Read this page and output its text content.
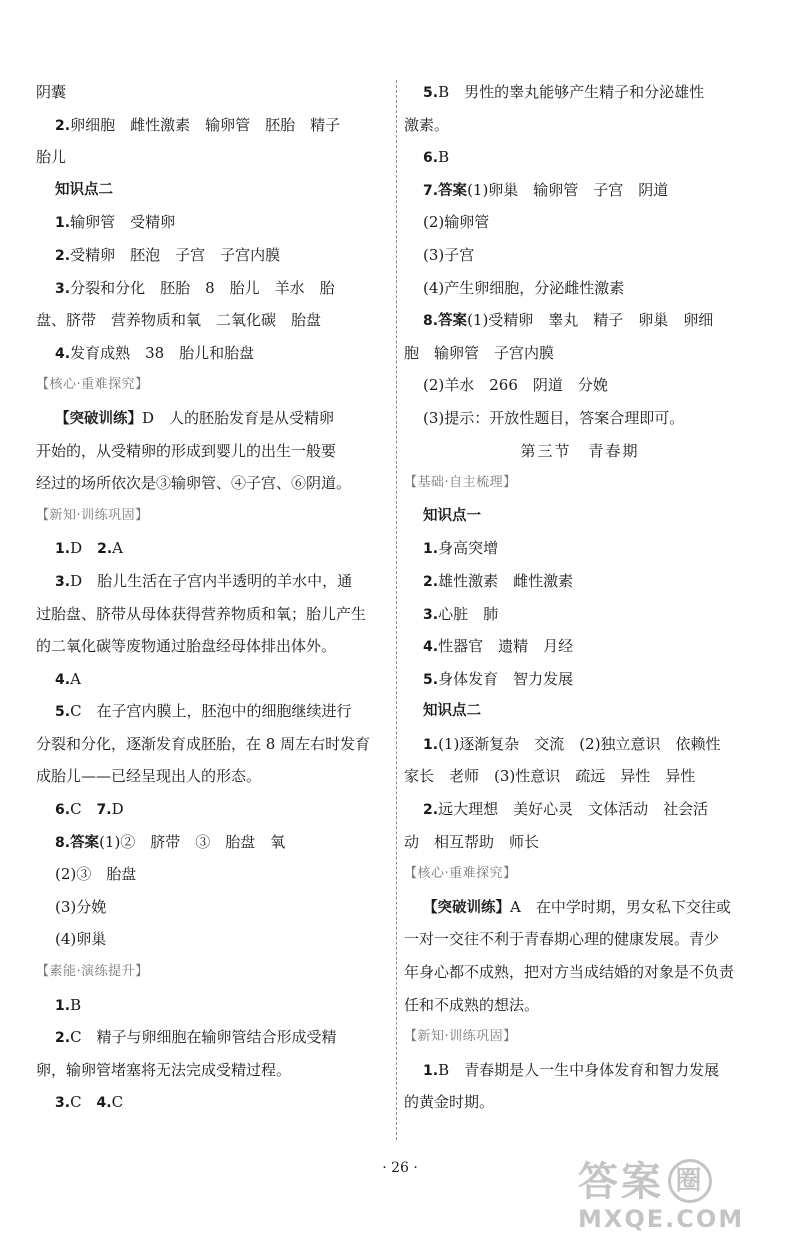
阴囊
2.卵细胞　雌性激素　输卵管　胚胎　精子
胎儿
知识点二
1.输卵管　受精卵
2.受精卵　胚泡　子宫　子宫内膜
3.分裂和分化　胚胎　8　胎儿　羊水　胎
盘、脐带　营养物质和氧　二氧化碳　胎盘
4.发育成熟　38　胎儿和胎盘
【核心·重难探究】
【突破训练】D　人的胚胎发育是从受精卵
开始的，从受精卵的形成到婴儿的出生一般要
经过的场所依次是③输卵管、④子宫、⑥阴道。
【新知·训练巩固】
1.D　2.A
3.D　胎儿生活在子宫内半透明的羊水中，通
过胎盘、脐带从母体获得营养物质和氧；胎儿产生
的二氧化碳等废物通过胎盘经母体排出体外。
4.A
5.C　在子宫内膜上，胚泡中的细胞继续进行
分裂和分化，逐渐发育成胚胎，在 8 周左右时发育
成胎儿——已经呈现出人的形态。
6.C　7.D
8.答案(1)②　脐带　③　胎盘　氧
(2)③　胎盘
(3)分娩
(4)卵巢
【素能·演练提升】
1.B
2.C　精子与卵细胞在输卵管结合形成受精
卵，输卵管堵塞将无法完成受精过程。
3.C　4.C
5.B　男性的睾丸能够产生精子和分泌雄性
激素。
6.B
7.答案(1)卵巢　输卵管　子宫　阴道
(2)输卵管
(3)子宫
(4)产生卵细胞，分泌雌性激素
8.答案(1)受精卵　睾丸　精子　卵巢　卵细
胞　输卵管　子宫内膜
(2)羊水　266　阴道　分娩
(3)提示：开放性题目，答案合理即可。
第三节　青春期
【基础·自主梳理】
知识点一
1.身高突增
2.雄性激素　雌性激素
3.心脏　肺
4.性器官　遗精　月经
5.身体发育　智力发展
知识点二
1.(1)逐渐复杂　交流　(2)独立意识　依赖性
家长　老师　(3)性意识　疏远　异性　异性
2.远大理想　美好心灵　文体活动　社会活
动　相互帮助　师长
【核心·重难探究】
【突破训练】A　在中学时期，男女私下交往或
一对一交往不利于青春期心理的健康发展。青少
年身心都不成熟，把对方当成结婚的对象是不负责
任和不成熟的想法。
【新知·训练巩固】
1.B　青春期是人一生中身体发育和智力发展
的黄金时期。
· 26 ·	答案 圈
MXQE.COM
